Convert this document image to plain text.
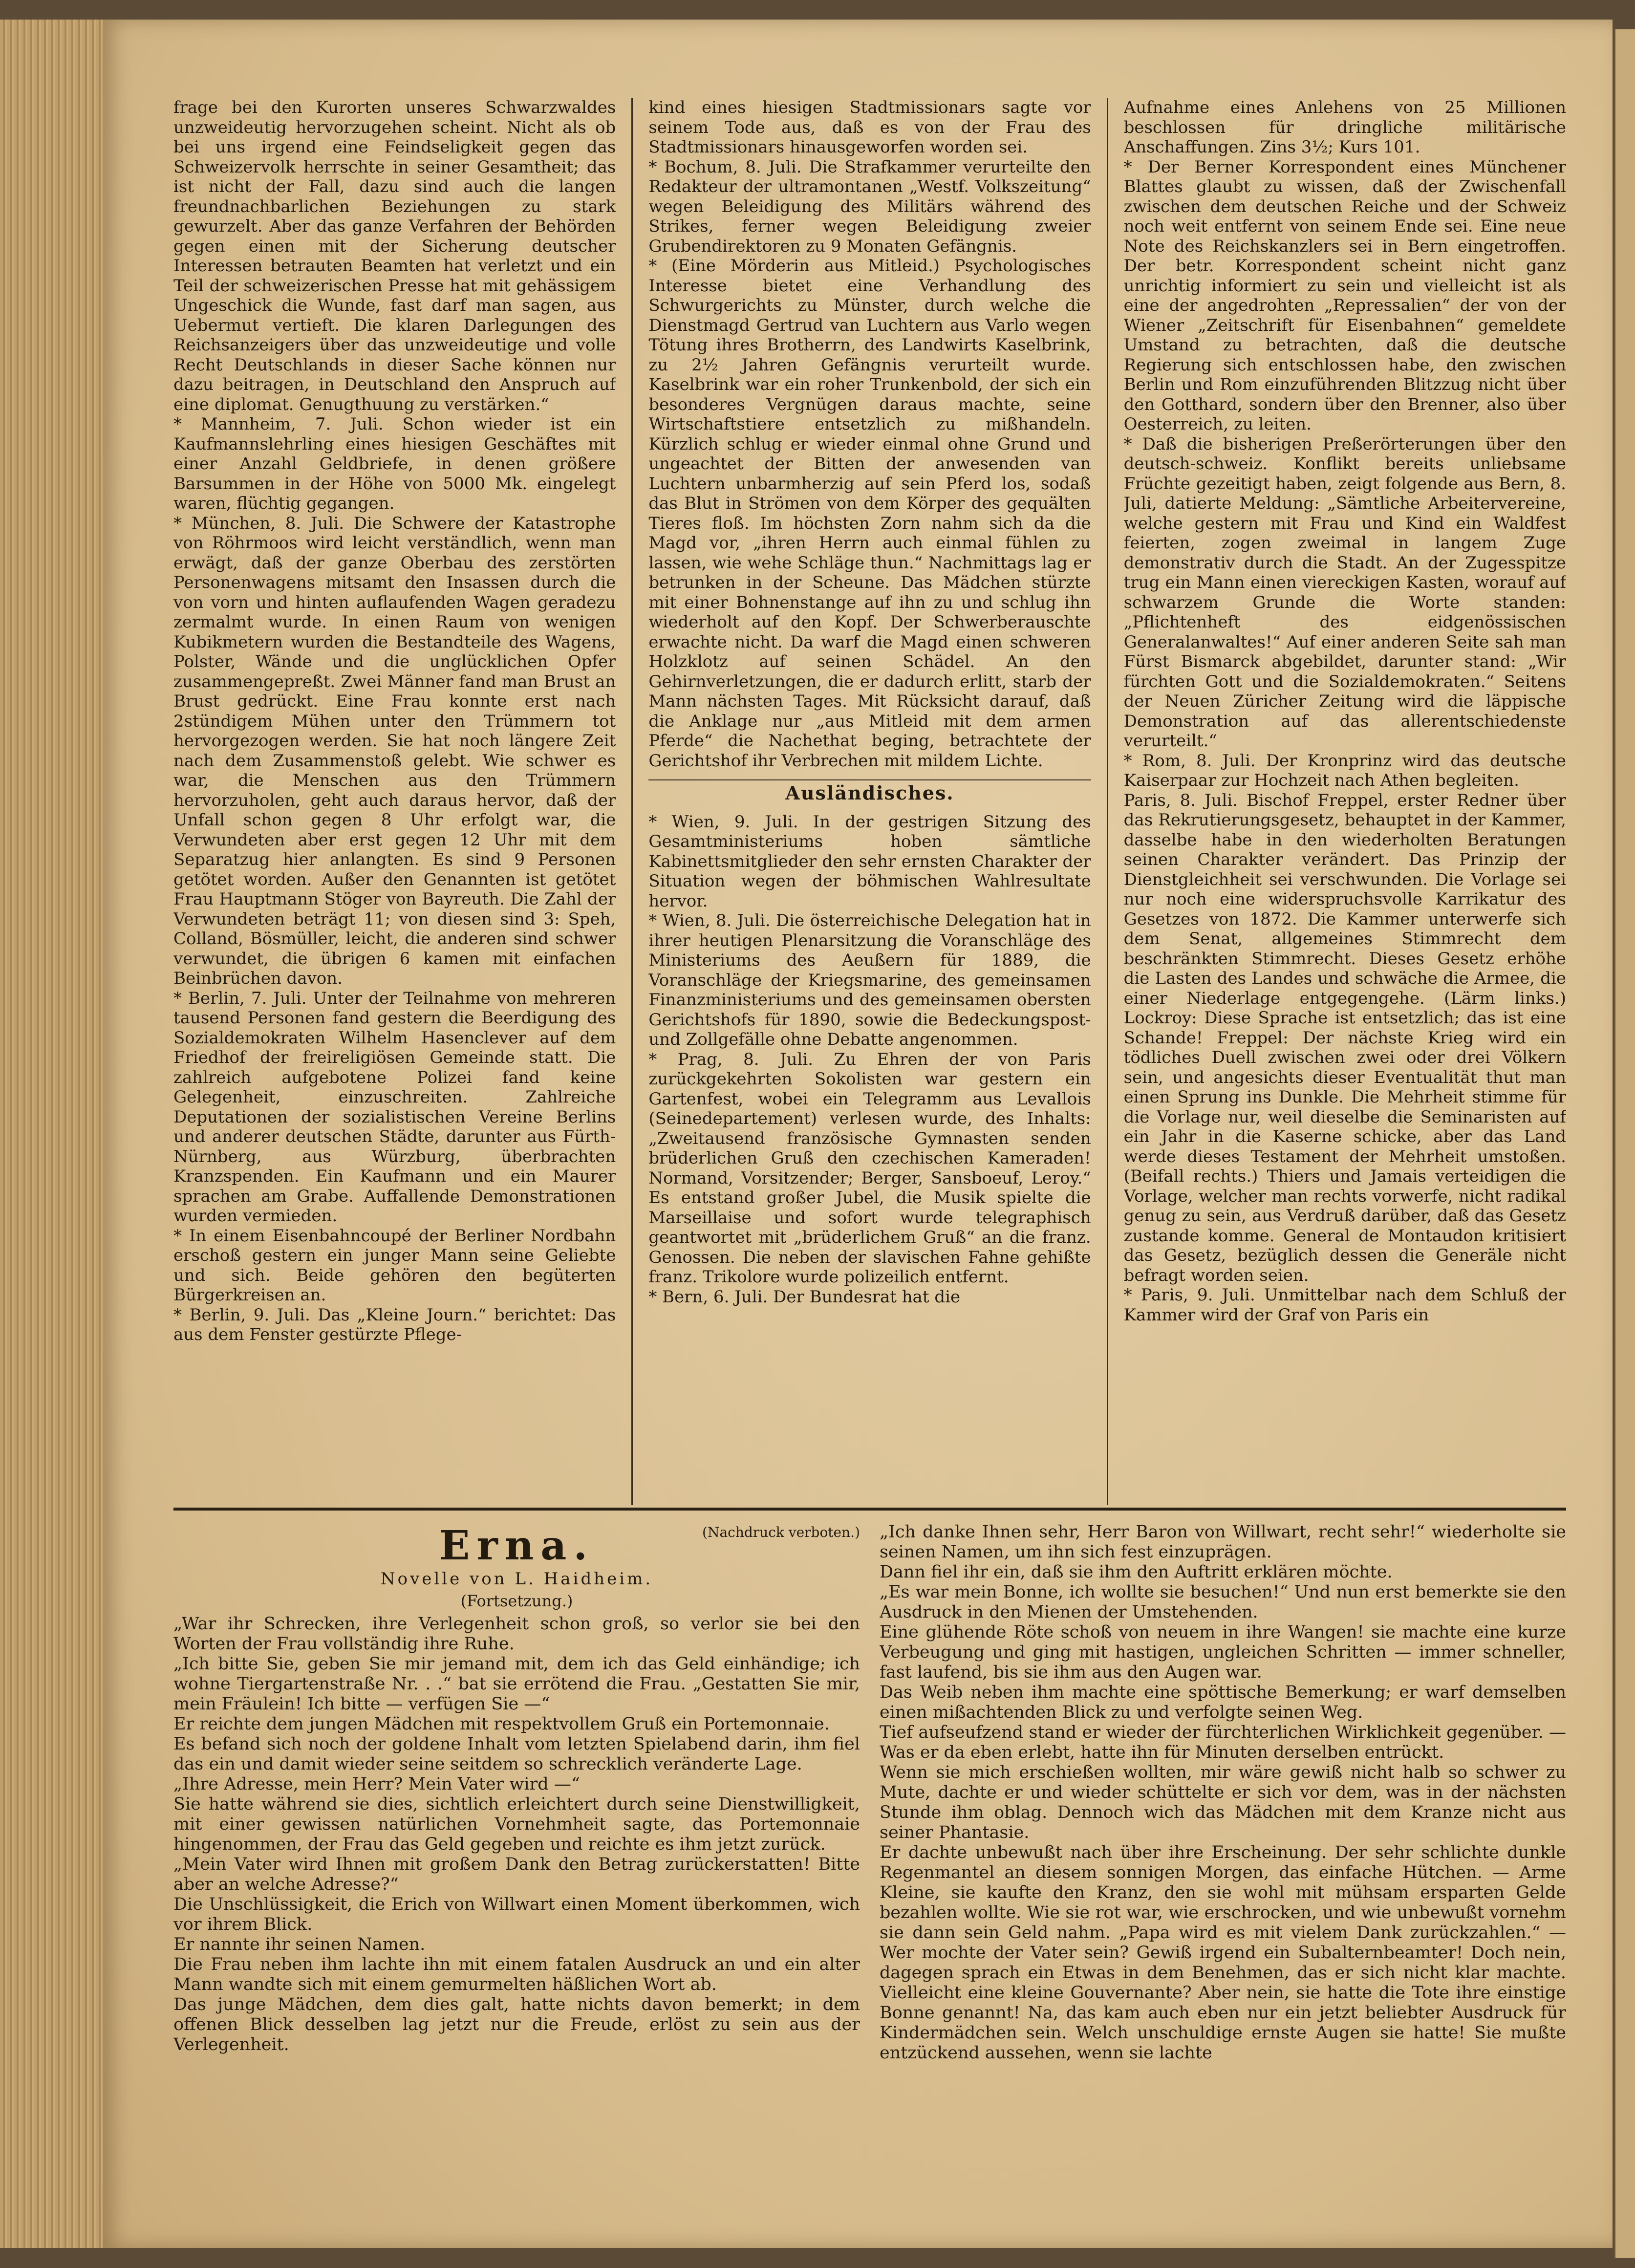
frage bei den Kurorten unseres Schwarzwaldes unzweideutig hervorzugehen scheint. Nicht als ob bei uns irgend eine Feindseligkeit gegen das Schweizervolk herrschte in seiner Gesamtheit; das ist nicht der Fall, dazu sind auch die langen freundnachbarlichen Beziehungen zu stark gewurzelt. Aber das ganze Verfahren der Behörden gegen einen mit der Sicherung deutscher Interessen betrauten Beamten hat verletzt und ein Teil der schweizerischen Presse hat mit gehässigem Ungeschick die Wunde, fast darf man sagen, aus Uebermut vertieft. Die klaren Darlegungen des Reichsanzeigers über das unzweideutige und volle Recht Deutschlands in dieser Sache können nur dazu beitragen, in Deutschland den Anspruch auf eine diplomat. Genugthuung zu verstärken.“

* Mannheim, 7. Juli. Schon wieder ist ein Kaufmannslehrling eines hiesigen Geschäftes mit einer Anzahl Geldbriefe, in denen größere Barsummen in der Höhe von 5000 Mk. eingelegt waren, flüchtig gegangen.

* München, 8. Juli. Die Schwere der Katastrophe von Röhrmoos wird leicht verständlich, wenn man erwägt, daß der ganze Oberbau des zerstörten Personenwagens mitsamt den Insassen durch die von vorn und hinten auflaufenden Wagen geradezu zermalmt wurde. In einen Raum von wenigen Kubikmetern wurden die Bestandteile des Wagens, Polster, Wände und die unglücklichen Opfer zusammengepreßt. Zwei Männer fand man Brust an Brust gedrückt. Eine Frau konnte erst nach 2stündigem Mühen unter den Trümmern tot hervorgezogen werden. Sie hat noch längere Zeit nach dem Zusammenstoß gelebt. Wie schwer es war, die Menschen aus den Trümmern hervorzuholen, geht auch daraus hervor, daß der Unfall schon gegen 8 Uhr erfolgt war, die Verwundeten aber erst gegen 12 Uhr mit dem Separatzug hier anlangten. Es sind 9 Personen getötet worden. Außer den Genannten ist getötet Frau Hauptmann Stöger von Bayreuth. Die Zahl der Verwundeten beträgt 11; von diesen sind 3: Speh, Colland, Bösmüller, leicht, die anderen sind schwer verwundet, die übrigen 6 kamen mit einfachen Beinbrüchen davon.

* Berlin, 7. Juli. Unter der Teilnahme von mehreren tausend Personen fand gestern die Beerdigung des Sozialdemokraten Wilhelm Hasenclever auf dem Friedhof der freireligiösen Gemeinde statt. Die zahlreich aufgebotene Polizei fand keine Gelegenheit, einzuschreiten. Zahlreiche Deputationen der sozialistischen Vereine Berlins und anderer deutschen Städte, darunter aus Fürth-Nürnberg, aus Würzburg, überbrachten Kranzspenden. Ein Kaufmann und ein Maurer sprachen am Grabe. Auffallende Demonstrationen wurden vermieden.

* In einem Eisenbahncoupé der Berliner Nordbahn erschoß gestern ein junger Mann seine Geliebte und sich. Beide gehören den begüterten Bürgerkreisen an.

* Berlin, 9. Juli. Das „Kleine Journ.“ berichtet: Das aus dem Fenster gestürzte Pflege-

kind eines hiesigen Stadtmissionars sagte vor seinem Tode aus, daß es von der Frau des Stadtmissionars hinausgeworfen worden sei.

* Bochum, 8. Juli. Die Strafkammer verurteilte den Redakteur der ultramontanen „Westf. Volkszeitung“ wegen Beleidigung des Militärs während des Strikes, ferner wegen Beleidigung zweier Grubendirektoren zu 9 Monaten Gefängnis.

* (Eine Mörderin aus Mitleid.) Psychologisches Interesse bietet eine Verhandlung des Schwurgerichts zu Münster, durch welche die Dienstmagd Gertrud van Luchtern aus Varlo wegen Tötung ihres Brotherrn, des Landwirts Kaselbrink, zu 2½ Jahren Gefängnis verurteilt wurde. Kaselbrink war ein roher Trunkenbold, der sich ein besonderes Vergnügen daraus machte, seine Wirtschaftstiere entsetzlich zu mißhandeln. Kürzlich schlug er wieder einmal ohne Grund und ungeachtet der Bitten der anwesenden van Luchtern unbarmherzig auf sein Pferd los, sodaß das Blut in Strömen von dem Körper des gequälten Tieres floß. Im höchsten Zorn nahm sich da die Magd vor, „ihren Herrn auch einmal fühlen zu lassen, wie wehe Schläge thun.“ Nachmittags lag er betrunken in der Scheune. Das Mädchen stürzte mit einer Bohnenstange auf ihn zu und schlug ihn wiederholt auf den Kopf. Der Schwerberauschte erwachte nicht. Da warf die Magd einen schweren Holzklotz auf seinen Schädel. An den Gehirnverletzungen, die er dadurch erlitt, starb der Mann nächsten Tages. Mit Rücksicht darauf, daß die Anklage nur „aus Mitleid mit dem armen Pferde“ die Nachethat beging, betrachtete der Gerichtshof ihr Verbrechen mit mildem Lichte.

Ausländisches.

* Wien, 9. Juli. In der gestrigen Sitzung des Gesamtministeriums hoben sämtliche Kabinettsmitglieder den sehr ernsten Charakter der Situation wegen der böhmischen Wahlresultate hervor.

* Wien, 8. Juli. Die österreichische Delegation hat in ihrer heutigen Plenarsitzung die Voranschläge des Ministeriums des Aeußern für 1889, die Voranschläge der Kriegsmarine, des gemeinsamen Finanzministeriums und des gemeinsamen obersten Gerichtshofs für 1890, sowie die Bedeckungspost- und Zollgefälle ohne Debatte angenommen.

* Prag, 8. Juli. Zu Ehren der von Paris zurückgekehrten Sokolisten war gestern ein Gartenfest, wobei ein Telegramm aus Levallois (Seinedepartement) verlesen wurde, des Inhalts: „Zweitausend französische Gymnasten senden brüderlichen Gruß den czechischen Kameraden! Normand, Vorsitzender; Berger, Sansboeuf, Leroy.“ Es entstand großer Jubel, die Musik spielte die Marseillaise und sofort wurde telegraphisch geantwortet mit „brüderlichem Gruß“ an die franz. Genossen. Die neben der slavischen Fahne gehißte franz. Trikolore wurde polizeilich entfernt.

* Bern, 6. Juli. Der Bundesrat hat die

Aufnahme eines Anlehens von 25 Millionen beschlossen für dringliche militärische Anschaffungen. Zins 3½; Kurs 101.

* Der Berner Korrespondent eines Münchener Blattes glaubt zu wissen, daß der Zwischenfall zwischen dem deutschen Reiche und der Schweiz noch weit entfernt von seinem Ende sei. Eine neue Note des Reichskanzlers sei in Bern eingetroffen. Der betr. Korrespondent scheint nicht ganz unrichtig informiert zu sein und vielleicht ist als eine der angedrohten „Repressalien“ der von der Wiener „Zeitschrift für Eisenbahnen“ gemeldete Umstand zu betrachten, daß die deutsche Regierung sich entschlossen habe, den zwischen Berlin und Rom einzuführenden Blitzzug nicht über den Gotthard, sondern über den Brenner, also über Oesterreich, zu leiten.

* Daß die bisherigen Preßerörterungen über den deutsch-schweiz. Konflikt bereits unliebsame Früchte gezeitigt haben, zeigt folgende aus Bern, 8. Juli, datierte Meldung: „Sämtliche Arbeitervereine, welche gestern mit Frau und Kind ein Waldfest feierten, zogen zweimal in langem Zuge demonstrativ durch die Stadt. An der Zugesspitze trug ein Mann einen viereckigen Kasten, worauf auf schwarzem Grunde die Worte standen: „Pflichtenheft des eidgenössischen Generalanwaltes!“ Auf einer anderen Seite sah man Fürst Bismarck abgebildet, darunter stand: „Wir fürchten Gott und die Sozialdemokraten.“ Seitens der Neuen Züricher Zeitung wird die läppische Demonstration auf das allerentschiedenste verurteilt.“

* Rom, 8. Juli. Der Kronprinz wird das deutsche Kaiserpaar zur Hochzeit nach Athen begleiten.

Paris, 8. Juli. Bischof Freppel, erster Redner über das Rekrutierungsgesetz, behauptet in der Kammer, dasselbe habe in den wiederholten Beratungen seinen Charakter verändert. Das Prinzip der Dienstgleichheit sei verschwunden. Die Vorlage sei nur noch eine widerspruchsvolle Karrikatur des Gesetzes von 1872. Die Kammer unterwerfe sich dem Senat, allgemeines Stimmrecht dem beschränkten Stimmrecht. Dieses Gesetz erhöhe die Lasten des Landes und schwäche die Armee, die einer Niederlage entgegengehe. (Lärm links.) Lockroy: Diese Sprache ist entsetzlich; das ist eine Schande! Freppel: Der nächste Krieg wird ein tödliches Duell zwischen zwei oder drei Völkern sein, und angesichts dieser Eventualität thut man einen Sprung ins Dunkle. Die Mehrheit stimme für die Vorlage nur, weil dieselbe die Seminaristen auf ein Jahr in die Kaserne schicke, aber das Land werde dieses Testament der Mehrheit umstoßen. (Beifall rechts.) Thiers und Jamais verteidigen die Vorlage, welcher man rechts vorwerfe, nicht radikal genug zu sein, aus Verdruß darüber, daß das Gesetz zustande komme. General de Montaudon kritisiert das Gesetz, bezüglich dessen die Generäle nicht befragt worden seien.

* Paris, 9. Juli. Unmittelbar nach dem Schluß der Kammer wird der Graf von Paris ein

Erna.
Novelle von L. Haidheim.
(Fortsetzung.)
(Nachdruck verboten.)

„War ihr Schrecken, ihre Verlegenheit schon groß, so verlor sie bei den Worten der Frau vollständig ihre Ruhe.

„Ich bitte Sie, geben Sie mir jemand mit, dem ich das Geld einhändige; ich wohne Tiergartenstraße Nr. . .“ bat sie errötend die Frau. „Gestatten Sie mir, mein Fräulein! Ich bitte — verfügen Sie —“

Er reichte dem jungen Mädchen mit respektvollem Gruß ein Portemonnaie.

Es befand sich noch der goldene Inhalt vom letzten Spielabend darin, ihm fiel das ein und damit wieder seine seitdem so schrecklich veränderte Lage.

„Ihre Adresse, mein Herr? Mein Vater wird —“

Sie hatte während sie dies, sichtlich erleichtert durch seine Dienstwilligkeit, mit einer gewissen natürlichen Vornehmheit sagte, das Portemonnaie hingenommen, der Frau das Geld gegeben und reichte es ihm jetzt zurück.

„Mein Vater wird Ihnen mit großem Dank den Betrag zurückerstatten! Bitte aber an welche Adresse?“

Die Unschlüssigkeit, die Erich von Willwart einen Moment überkommen, wich vor ihrem Blick.

Er nannte ihr seinen Namen.

Die Frau neben ihm lachte ihn mit einem fatalen Ausdruck an und ein alter Mann wandte sich mit einem gemurmelten häßlichen Wort ab.

Das junge Mädchen, dem dies galt, hatte nichts davon bemerkt; in dem offenen Blick desselben lag jetzt nur die Freude, erlöst zu sein aus der Verlegenheit.

„Ich danke Ihnen sehr, Herr Baron von Willwart, recht sehr!“ wiederholte sie seinen Namen, um ihn sich fest einzuprägen.

Dann fiel ihr ein, daß sie ihm den Auftritt erklären möchte.

„Es war mein Bonne, ich wollte sie besuchen!“ Und nun erst bemerkte sie den Ausdruck in den Mienen der Umstehenden.

Eine glühende Röte schoß von neuem in ihre Wangen! sie machte eine kurze Verbeugung und ging mit hastigen, ungleichen Schritten — immer schneller, fast laufend, bis sie ihm aus den Augen war.

Das Weib neben ihm machte eine spöttische Bemerkung; er warf demselben einen mißachtenden Blick zu und verfolgte seinen Weg.

Tief aufseufzend stand er wieder der fürchterlichen Wirklichkeit gegenüber. — Was er da eben erlebt, hatte ihn für Minuten derselben entrückt.

Wenn sie mich erschießen wollten, mir wäre gewiß nicht halb so schwer zu Mute, dachte er und wieder schüttelte er sich vor dem, was in der nächsten Stunde ihm oblag. Dennoch wich das Mädchen mit dem Kranze nicht aus seiner Phantasie.

Er dachte unbewußt nach über ihre Erscheinung. Der sehr schlichte dunkle Regenmantel an diesem sonnigen Morgen, das einfache Hütchen. — Arme Kleine, sie kaufte den Kranz, den sie wohl mit mühsam ersparten Gelde bezahlen wollte. Wie sie rot war, wie erschrocken, und wie unbewußt vornehm sie dann sein Geld nahm. „Papa wird es mit vielem Dank zurückzahlen.“ — Wer mochte der Vater sein? Gewiß irgend ein Subalternbeamter! Doch nein, dagegen sprach ein Etwas in dem Benehmen, das er sich nicht klar machte. Vielleicht eine kleine Gouvernante? Aber nein, sie hatte die Tote ihre einstige Bonne genannt! Na, das kam auch eben nur ein jetzt beliebter Ausdruck für Kindermädchen sein. Welch unschuldige ernste Augen sie hatte! Sie mußte entzückend aussehen, wenn sie lachte
